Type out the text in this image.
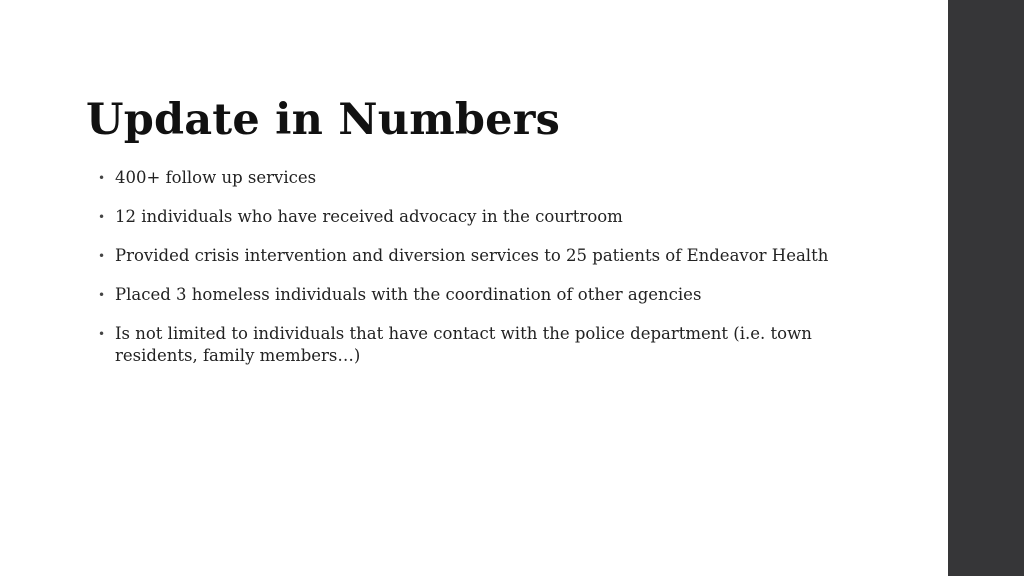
Update in Numbers
• 400+ follow up services
• 12 individuals who have received advocacy in the courtroom
• Provided crisis intervention and diversion services to 25 patients of Endeavor Health
• Placed 3 homeless individuals with the coordination of other agencies
• Is not limited to individuals that have contact with the police department (i.e. town residents, family members…)
